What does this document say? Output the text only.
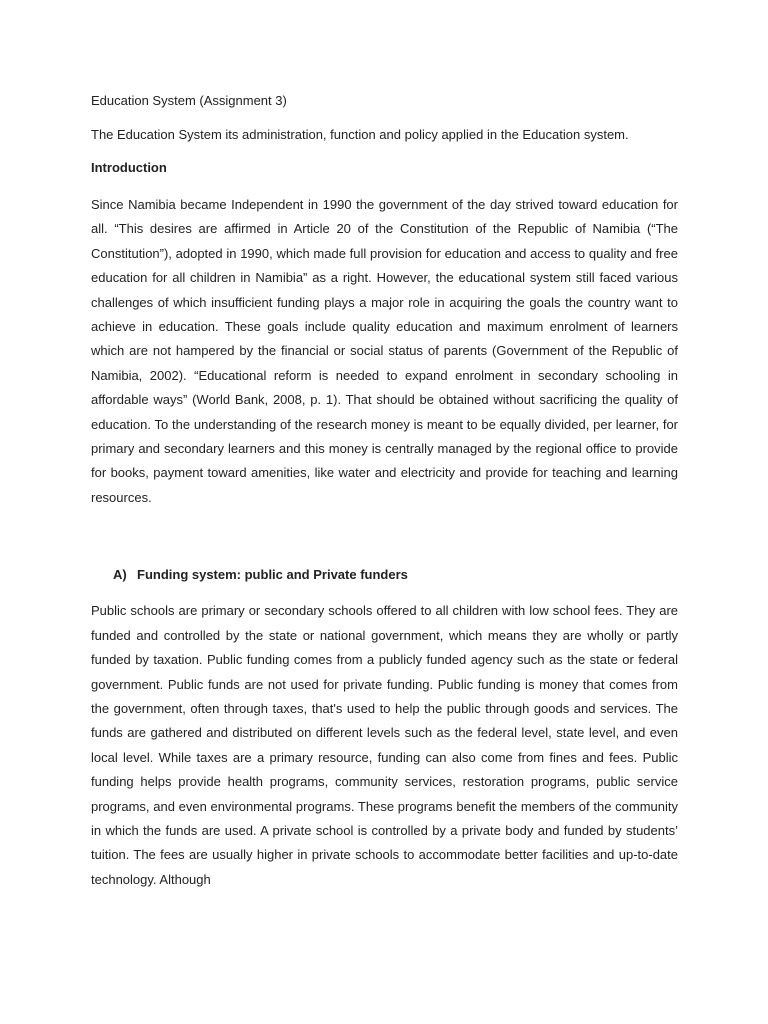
Education System (Assignment 3)

The Education System its administration, function and policy applied in the Education system.

Introduction

Since Namibia became Independent in 1990 the government of the day strived toward education for all. “This desires are affirmed in Article 20 of the Constitution of the Republic of Namibia (“The Constitution”), adopted in 1990, which made full provision for education and access to quality and free education for all children in Namibia” as a right. However, the educational system still faced various challenges of which insufficient funding plays a major role in acquiring the goals the country want to achieve in education. These goals include quality education and maximum enrolment of learners which are not hampered by the financial or social status of parents (Government of the Republic of Namibia, 2002). “Educational reform is needed to expand enrolment in secondary schooling in affordable ways” (World Bank, 2008, p. 1). That should be obtained without sacrificing the quality of education. To the understanding of the research money is meant to be equally divided, per learner, for primary and secondary learners and this money is centrally managed by the regional office to provide for books, payment toward amenities, like water and electricity and provide for teaching and learning resources.

A) Funding system: public and Private funders

Public schools are primary or secondary schools offered to all children with low school fees. They are funded and controlled by the state or national government, which means they are wholly or partly funded by taxation. Public funding comes from a publicly funded agency such as the state or federal government. Public funds are not used for private funding. Public funding is money that comes from the government, often through taxes, that's used to help the public through goods and services. The funds are gathered and distributed on different levels such as the federal level, state level, and even local level. While taxes are a primary resource, funding can also come from fines and fees. Public funding helps provide health programs, community services, restoration programs, public service programs, and even environmental programs. These programs benefit the members of the community in which the funds are used. A private school is controlled by a private body and funded by students’ tuition. The fees are usually higher in private schools to accommodate better facilities and up-to-date technology. Although
